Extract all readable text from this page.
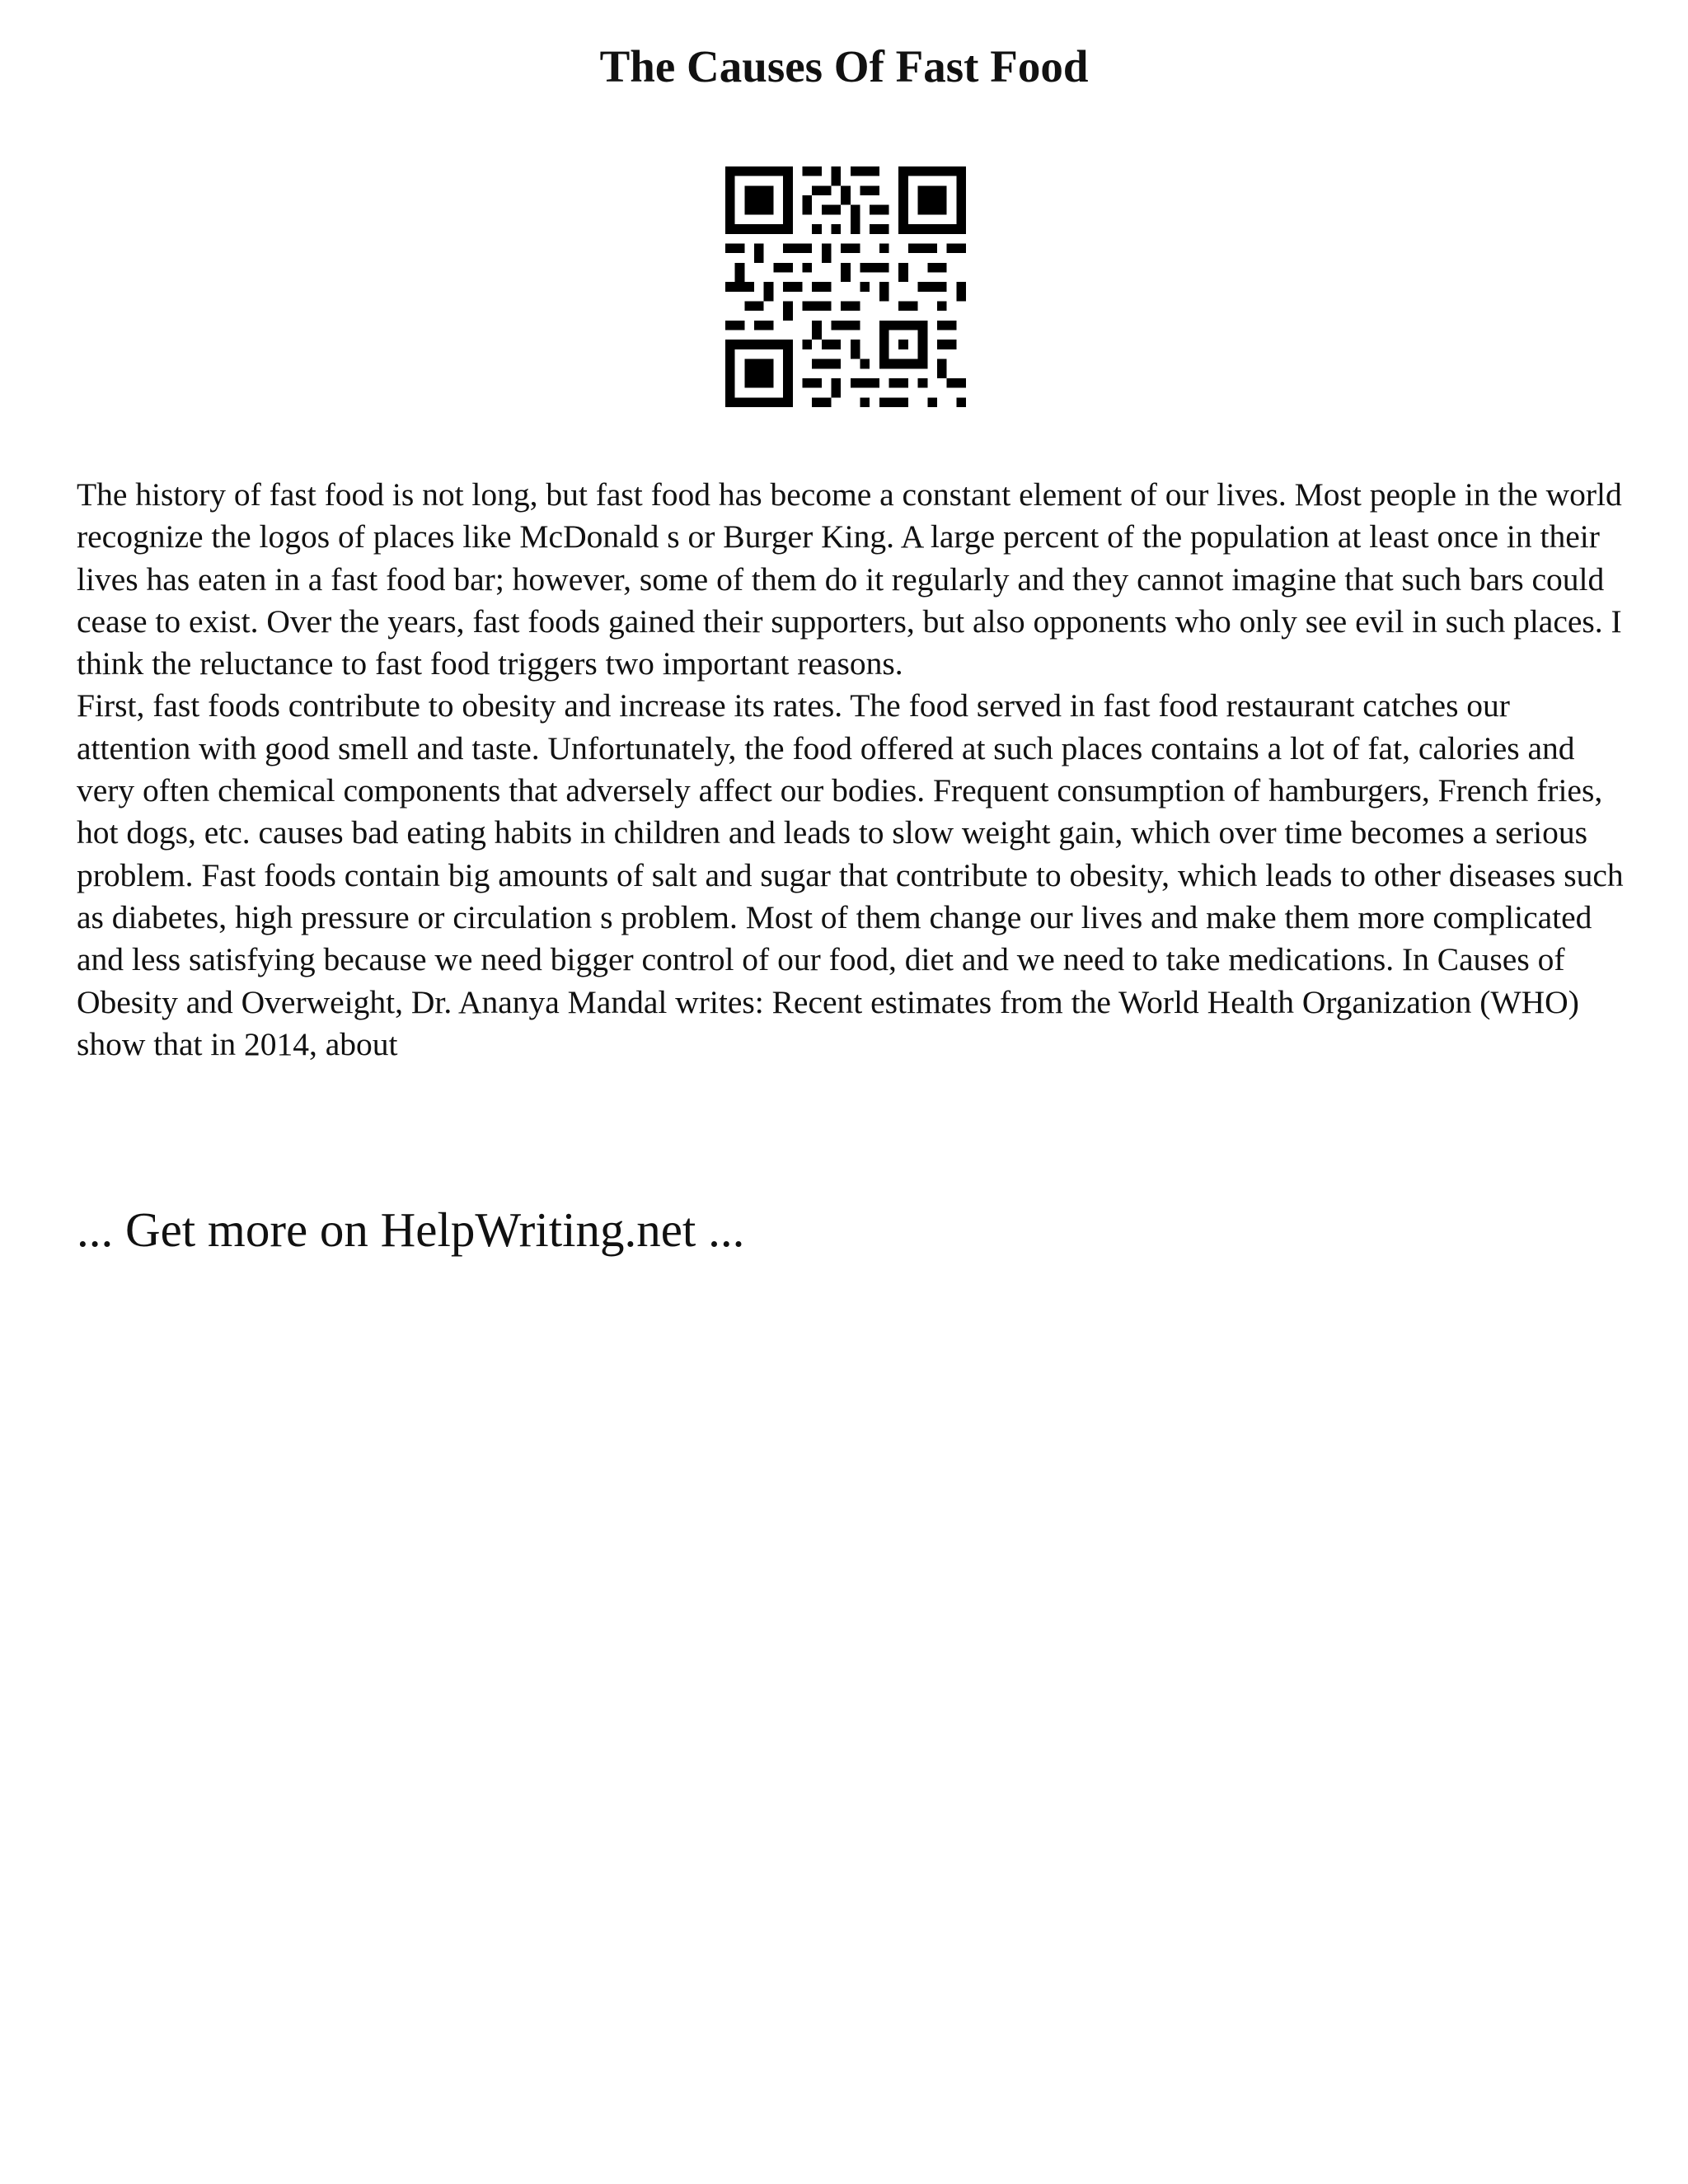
The Causes Of Fast Food

The history of fast food is not long, but fast food has become a constant element of our lives. Most people in the world recognize the logos of places like McDonald s or Burger King. A large percent of the population at least once in their lives has eaten in a fast food bar; however, some of them do it regularly and they cannot imagine that such bars could cease to exist. Over the years, fast foods gained their supporters, but also opponents who only see evil in such places. I think the reluctance to fast food triggers two important reasons.

First, fast foods contribute to obesity and increase its rates. The food served in fast food restaurant catches our attention with good smell and taste. Unfortunately, the food offered at such places contains a lot of fat, calories and very often chemical components that adversely affect our bodies. Frequent consumption of hamburgers, French fries, hot dogs, etc. causes bad eating habits in children and leads to slow weight gain, which over time becomes a serious problem. Fast foods contain big amounts of salt and sugar that contribute to obesity, which leads to other diseases such as diabetes, high pressure or circulation s problem. Most of them change our lives and make them more complicated and less satisfying because we need bigger control of our food, diet and we need to take medications. In Causes of Obesity and Overweight, Dr. Ananya Mandal writes: Recent estimates from the World Health Organization (WHO) show that in 2014, about

... Get more on HelpWriting.net ...
